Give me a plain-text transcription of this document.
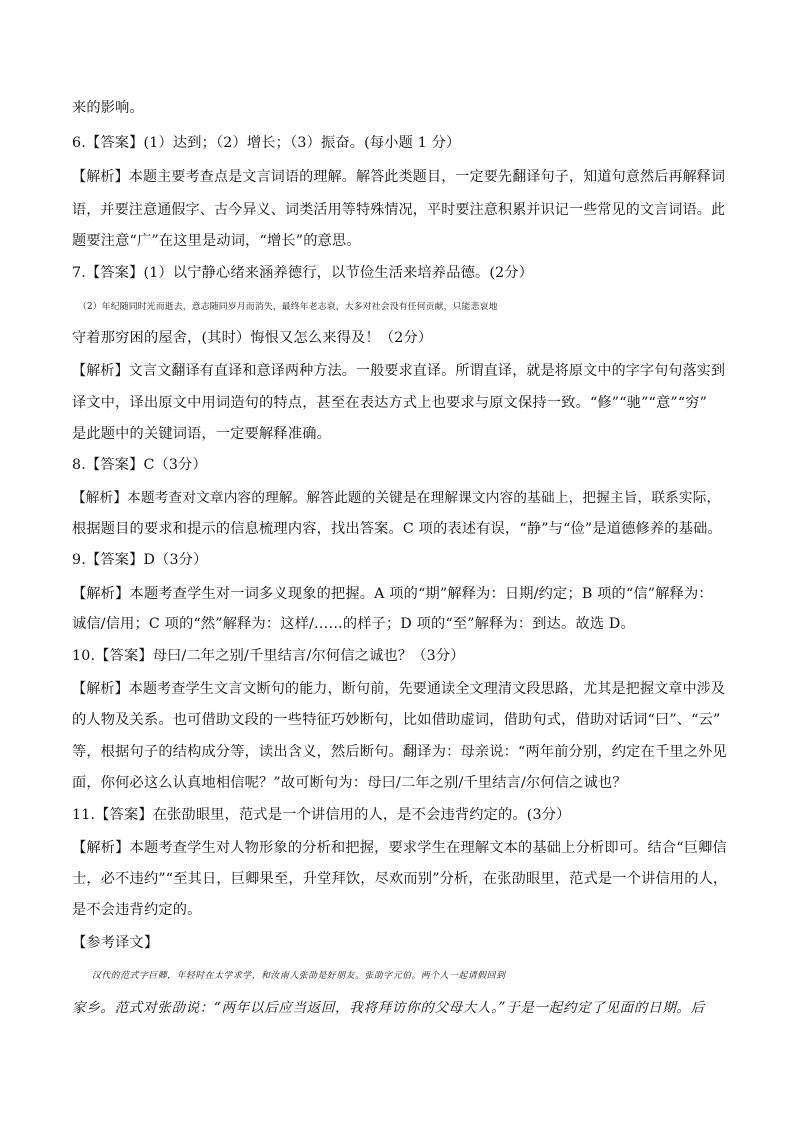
来的影响。
6.【答案】(1）达到；（2）增长；（3）振奋。(每小题 1 分）
【解析】本题主要考查点是文言词语的理解。解答此类题目，一定要先翻译句子，知道句意然后再解释词
语，并要注意通假字、古今异义、词类活用等特殊情况，平时要注意积累并识记一些常见的文言词语。此
题要注意“广”在这里是动词，“增长”的意思。
7.【答案】(1）以宁静心绪来涵养德行，以节俭生活来培养品德。(2分）
（2）年纪随同时光而逝去，意志随同岁月而消失，最终年老志衰，大多对社会没有任何贡献，只能悲哀地
守着那穷困的屋舍，(其时）悔恨又怎么来得及！（2分）
【解析】文言文翻译有直译和意译两种方法。一般要求直译。所谓直译，就是将原文中的字字句句落实到
译文中，译出原文中用词造句的特点，甚至在表达方式上也要求与原文保持一致。“修”“驰”“意”“穷”
是此题中的关键词语，一定要解释准确。
8.【答案】C（3分）
【解析】本题考查对文章内容的理解。解答此题的关键是在理解课文内容的基础上，把握主旨，联系实际，
根据题目的要求和提示的信息梳理内容，找出答案。C 项的表述有误，“静”与“俭”是道德修养的基础。
9.【答案】D（3分）
【解析】本题考查学生对一词多义现象的把握。A 项的“期”解释为：日期/约定；B 项的“信”解释为：
诚信/信用；C 项的“然”解释为：这样/……的样子；D 项的“至”解释为：到达。故选 D。
10.【答案】母曰/二年之别/千里结言/尔何信之诚也？（3分）
【解析】本题考查学生文言文断句的能力，断句前，先要通读全文理清文段思路，尤其是把握文章中涉及
的人物及关系。也可借助文段的一些特征巧妙断句，比如借助虚词，借助句式，借助对话词“曰”、“云”
等，根据句子的结构成分等，读出含义，然后断句。翻译为：母亲说：“两年前分别，约定在千里之外见
面，你何必这么认真地相信呢？”故可断句为：母曰/二年之别/千里结言/尔何信之诚也？
11.【答案】在张劭眼里，范式是一个讲信用的人，是不会违背约定的。(3分）
【解析】本题考查学生对人物形象的分析和把握，要求学生在理解文本的基础上分析即可。结合“巨卿信
士，必不违约”“至其日，巨卿果至，升堂拜饮，尽欢而别”分析，在张劭眼里，范式是一个讲信用的人，
是不会违背约定的。
【参考译文】
汉代的范式字巨卿，年轻时在太学求学，和汝南人张劭是好朋友。张劭字元伯。两个人一起请假回到
家乡。范式对张劭说：“两年以后应当返回，我将拜访你的父母大人。”于是一起约定了见面的日期。后
